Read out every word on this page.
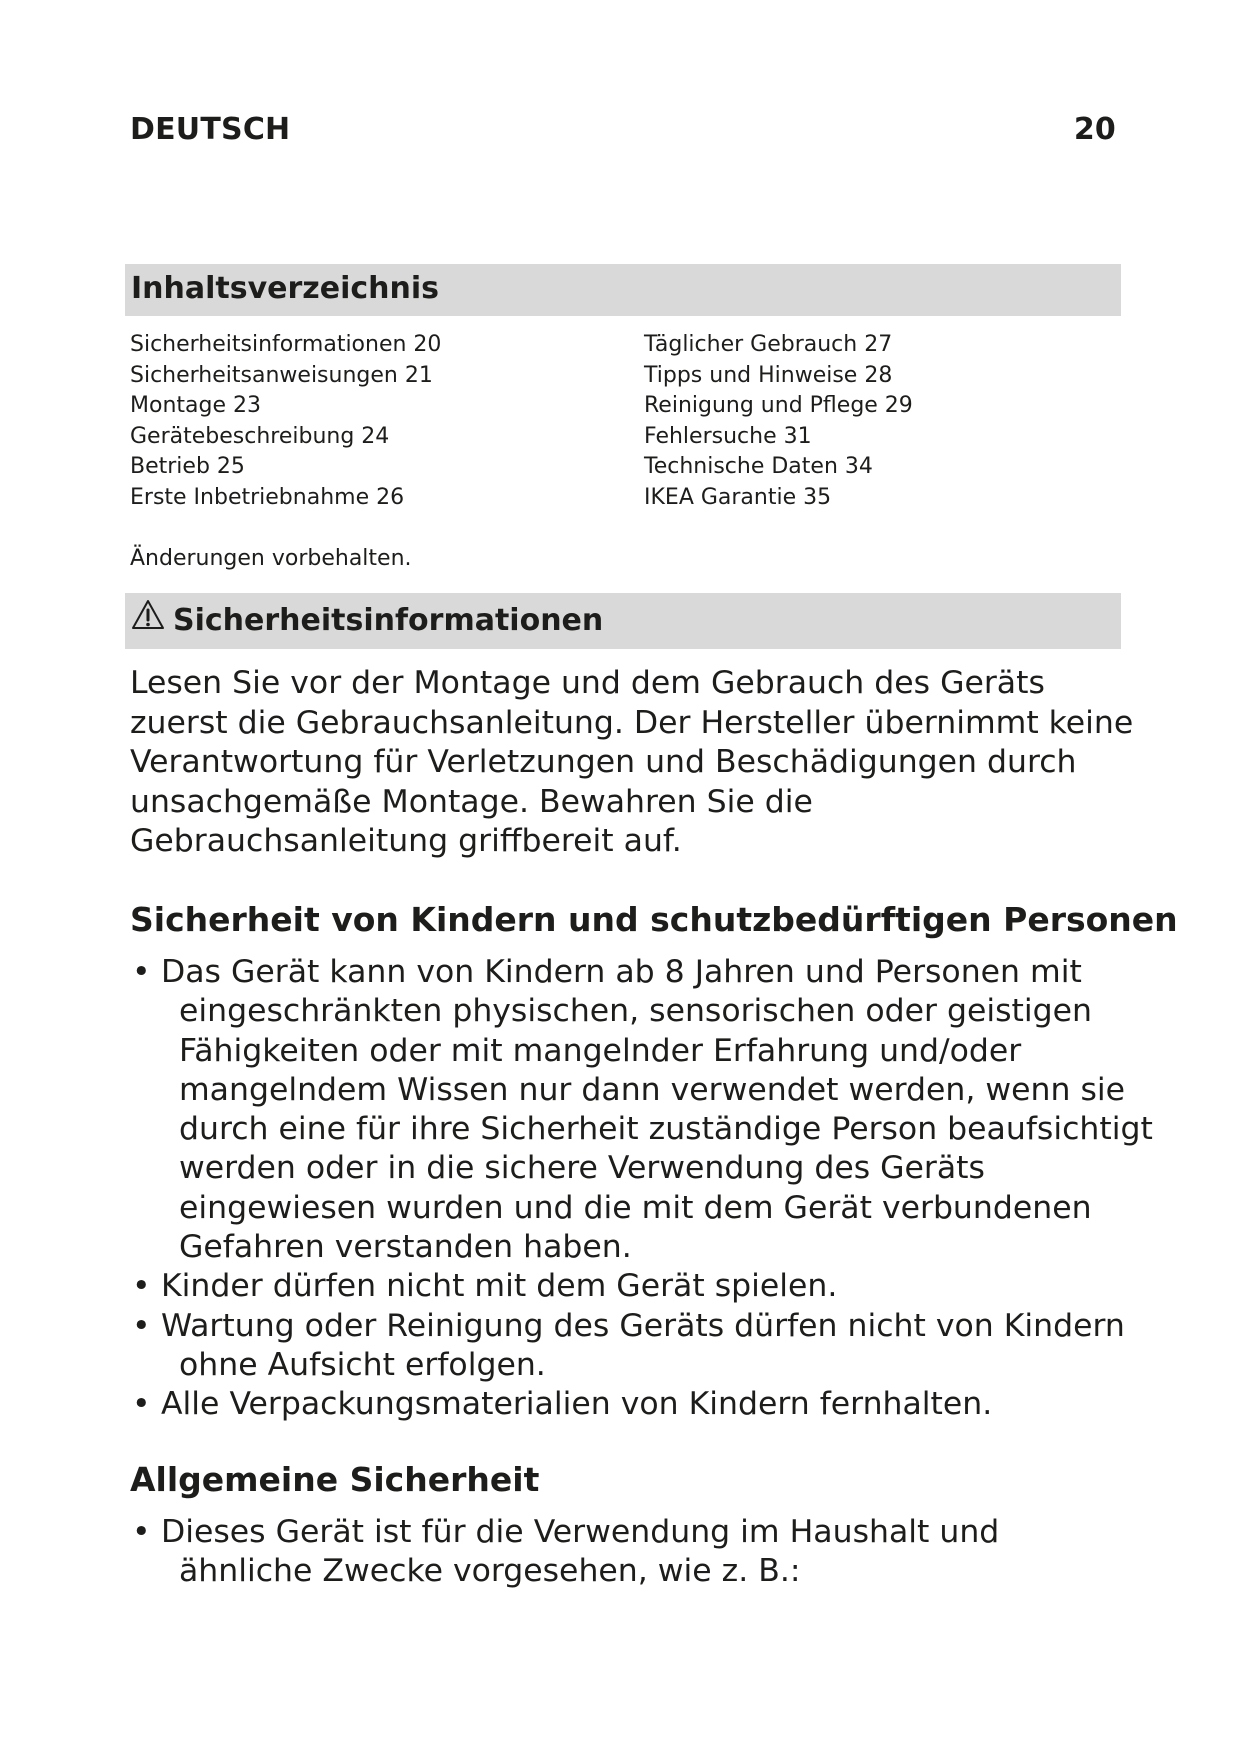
DEUTSCH	20
Inhaltsverzeichnis
Sicherheitsinformationen 20
Sicherheitsanweisungen 21
Montage 23
Gerätebeschreibung 24
Betrieb 25
Erste Inbetriebnahme 26
Täglicher Gebrauch 27
Tipps und Hinweise 28
Reinigung und Pflege 29
Fehlersuche 31
Technische Daten 34
IKEA Garantie 35
Änderungen vorbehalten.
Sicherheitsinformationen
Lesen Sie vor der Montage und dem Gebrauch des Geräts
zuerst die Gebrauchsanleitung. Der Hersteller übernimmt keine
Verantwortung für Verletzungen und Beschädigungen durch
unsachgemäße Montage. Bewahren Sie die
Gebrauchsanleitung griffbereit auf.
Sicherheit von Kindern und schutzbedürftigen Personen
• Das Gerät kann von Kindern ab 8 Jahren und Personen mit
eingeschränkten physischen, sensorischen oder geistigen
Fähigkeiten oder mit mangelnder Erfahrung und/oder
mangelndem Wissen nur dann verwendet werden, wenn sie
durch eine für ihre Sicherheit zuständige Person beaufsichtigt
werden oder in die sichere Verwendung des Geräts
eingewiesen wurden und die mit dem Gerät verbundenen
Gefahren verstanden haben.
• Kinder dürfen nicht mit dem Gerät spielen.
• Wartung oder Reinigung des Geräts dürfen nicht von Kindern
ohne Aufsicht erfolgen.
• Alle Verpackungsmaterialien von Kindern fernhalten.
Allgemeine Sicherheit
• Dieses Gerät ist für die Verwendung im Haushalt und
ähnliche Zwecke vorgesehen, wie z. B.:
